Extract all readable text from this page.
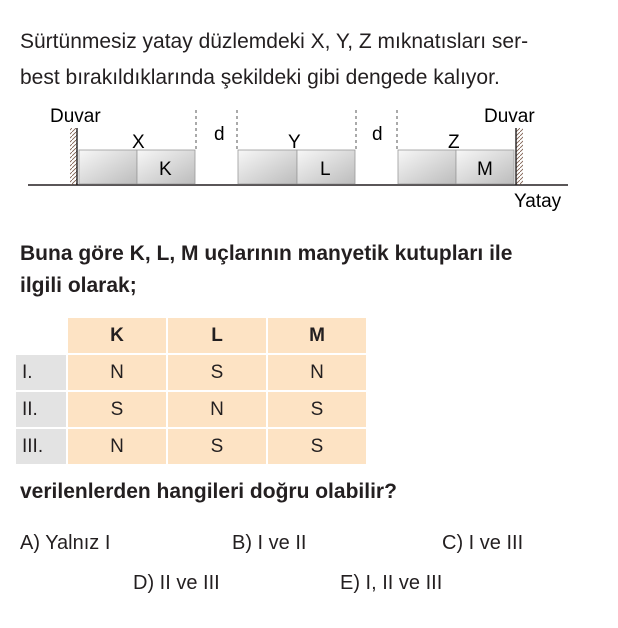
Sürtünmesiz yatay düzlemdeki X, Y, Z mıknatısları ser-
best bırakıldıklarında şekildeki gibi dengede kalıyor.
Duvar	Duvar
Yatay
X
K
d	Y
L
d	Z
M
Buna göre K, L, M uçlarının manyetik kutupları ile
ilgili olarak;
	K	L	M
I.	N	S	N
II.	S	N	S
III.	N	S	S
verilenlerden hangileri doğru olabilir?
A) Yalnız I	B) I ve II	C) I ve III
D) II ve III	E) I, II ve III
